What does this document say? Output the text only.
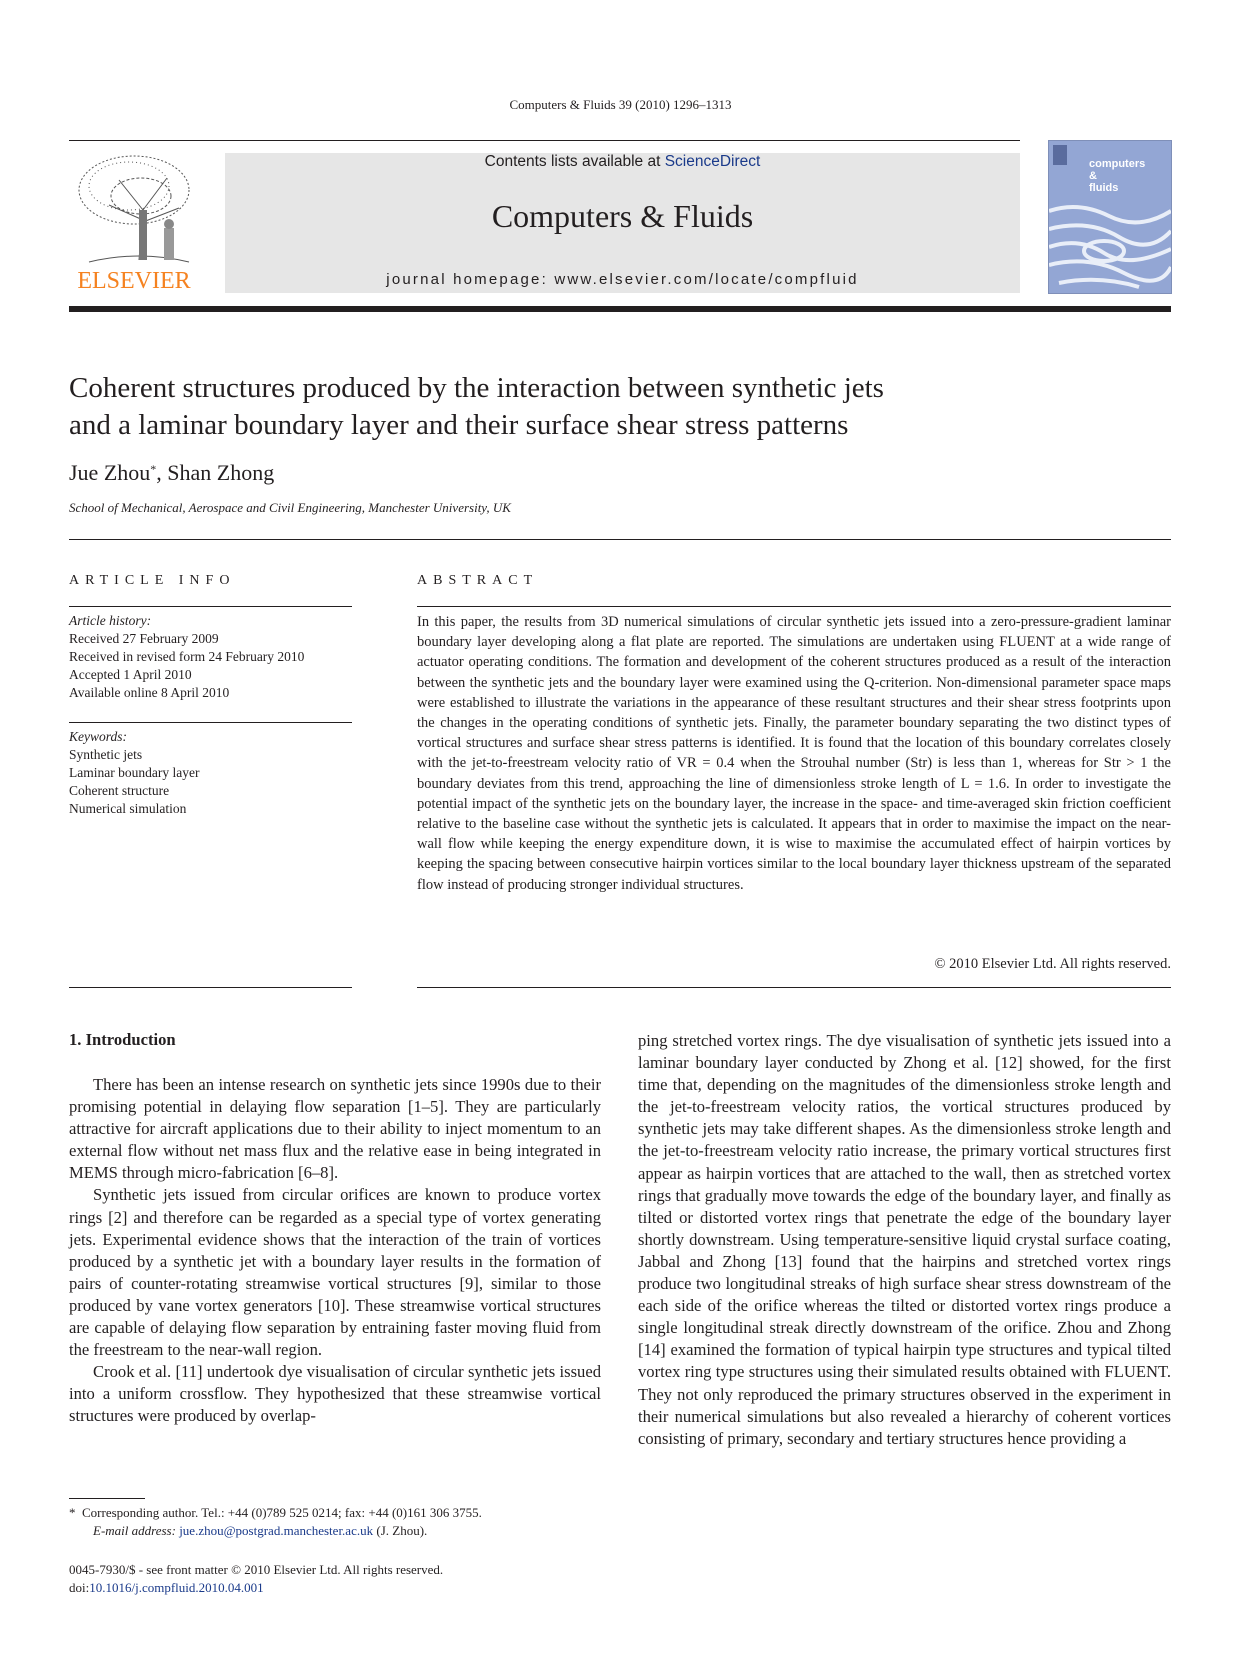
Computers & Fluids 39 (2010) 1296–1313
ELSEVIER
Contents lists available at ScienceDirect
Computers & Fluids
journal homepage: www.elsevier.com/locate/compfluid
computers
&
fluids
Coherent structures produced by the interaction between synthetic jets
and a laminar boundary layer and their surface shear stress patterns
Jue Zhou*, Shan Zhong
School of Mechanical, Aerospace and Civil Engineering, Manchester University, UK
ARTICLE INFO
Article history:
Received 27 February 2009
Received in revised form 24 February 2010
Accepted 1 April 2010
Available online 8 April 2010
Keywords:
Synthetic jets
Laminar boundary layer
Coherent structure
Numerical simulation
ABSTRACT
In this paper, the results from 3D numerical simulations of circular synthetic jets issued into a zero-pressure-gradient laminar boundary layer developing along a flat plate are reported. The simulations are undertaken using FLUENT at a wide range of actuator operating conditions. The formation and development of the coherent structures produced as a result of the interaction between the synthetic jets and the boundary layer were examined using the Q-criterion. Non-dimensional parameter space maps were established to illustrate the variations in the appearance of these resultant structures and their shear stress footprints upon the changes in the operating conditions of synthetic jets. Finally, the parameter boundary separating the two distinct types of vortical structures and surface shear stress patterns is identified. It is found that the location of this boundary correlates closely with the jet-to-freestream velocity ratio of VR = 0.4 when the Strouhal number (Str) is less than 1, whereas for Str > 1 the boundary deviates from this trend, approaching the line of dimensionless stroke length of L = 1.6. In order to investigate the potential impact of the synthetic jets on the boundary layer, the increase in the space- and time-averaged skin friction coefficient relative to the baseline case without the synthetic jets is calculated. It appears that in order to maximise the impact on the near-wall flow while keeping the energy expenditure down, it is wise to maximise the accumulated effect of hairpin vortices by keeping the spacing between consecutive hairpin vortices similar to the local boundary layer thickness upstream of the separated flow instead of producing stronger individual structures.
© 2010 Elsevier Ltd. All rights reserved.
1. Introduction

There has been an intense research on synthetic jets since 1990s due to their promising potential in delaying flow separation [1–5]. They are particularly attractive for aircraft applications due to their ability to inject momentum to an external flow without net mass flux and the relative ease in being integrated in MEMS through micro-fabrication [6–8].

Synthetic jets issued from circular orifices are known to produce vortex rings [2] and therefore can be regarded as a special type of vortex generating jets. Experimental evidence shows that the interaction of the train of vortices produced by a synthetic jet with a boundary layer results in the formation of pairs of counter-rotating streamwise vortical structures [9], similar to those produced by vane vortex generators [10]. These streamwise vortical structures are capable of delaying flow separation by entraining faster moving fluid from the freestream to the near-wall region.

Crook et al. [11] undertook dye visualisation of circular synthetic jets issued into a uniform crossflow. They hypothesized that these streamwise vortical structures were produced by overlap-

ping stretched vortex rings. The dye visualisation of synthetic jets issued into a laminar boundary layer conducted by Zhong et al. [12] showed, for the first time that, depending on the magnitudes of the dimensionless stroke length and the jet-to-freestream velocity ratios, the vortical structures produced by synthetic jets may take different shapes. As the dimensionless stroke length and the jet-to-freestream velocity ratio increase, the primary vortical structures first appear as hairpin vortices that are attached to the wall, then as stretched vortex rings that gradually move towards the edge of the boundary layer, and finally as tilted or distorted vortex rings that penetrate the edge of the boundary layer shortly downstream. Using temperature-sensitive liquid crystal surface coating, Jabbal and Zhong [13] found that the hairpins and stretched vortex rings produce two longitudinal streaks of high surface shear stress downstream of the each side of the orifice whereas the tilted or distorted vortex rings produce a single longitudinal streak directly downstream of the orifice. Zhou and Zhong [14] examined the formation of typical hairpin type structures and typical tilted vortex ring type structures using their simulated results obtained with FLUENT. They not only reproduced the primary structures observed in the experiment in their numerical simulations but also revealed a hierarchy of coherent vortices consisting of primary, secondary and tertiary structures hence providing a

* Corresponding author. Tel.: +44 (0)789 525 0214; fax: +44 (0)161 306 3755.
E-mail address: jue.zhou@postgrad.manchester.ac.uk (J. Zhou).
0045-7930/$ - see front matter © 2010 Elsevier Ltd. All rights reserved.
doi:10.1016/j.compfluid.2010.04.001
